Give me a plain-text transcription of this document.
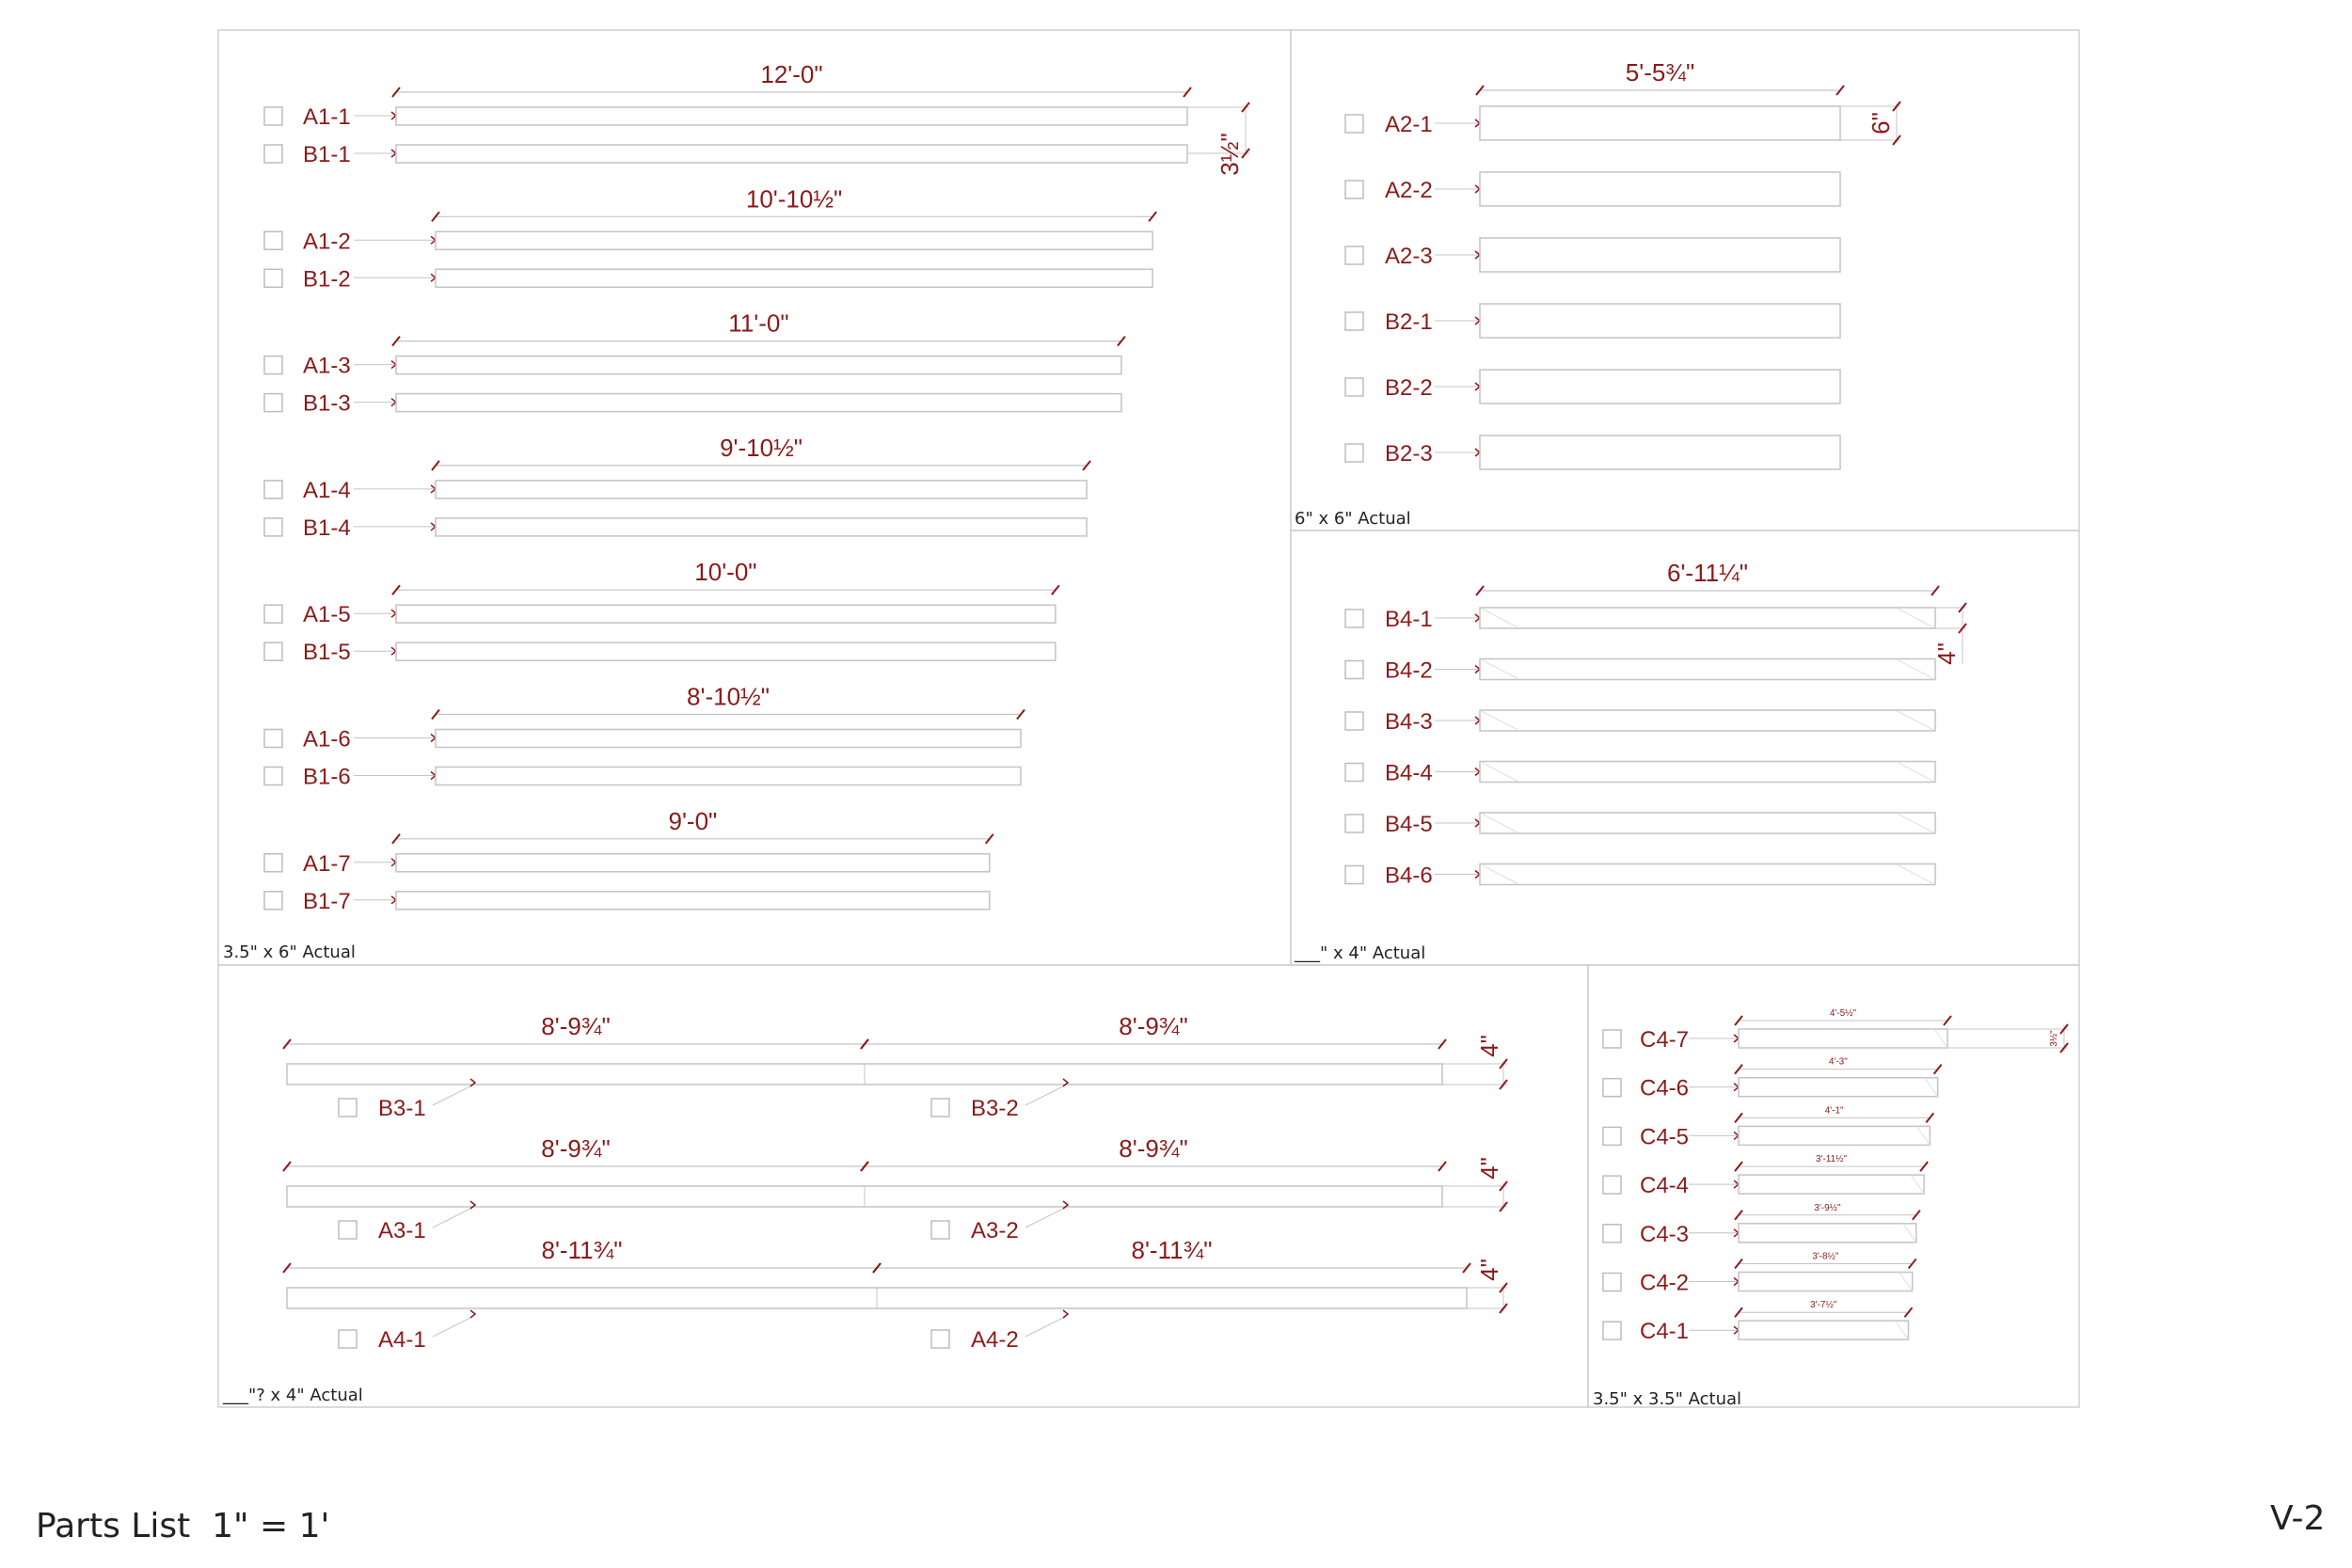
12'-0"
A1-1
B1-1
10'-10½"
A1-2
B1-2
11'-0"
A1-3
B1-3
9'-10½"
A1-4
B1-4
10'-0"
A1-5
B1-5
8'-10½"
A1-6
B1-6
9'-0"
A1-7
B1-7
3½"
5'-5¾"
A2-1
A2-2
A2-3
B2-1
B2-2
B2-3
6"
6'-11¼"
B4-1
B4-2
B4-3
B4-4
B4-5
B4-6
4"
8'-9¾"	8'-9¾"
4"
B3-1	B3-2
8'-9¾"	8'-9¾"
4"
A3-1	A3-2
8'-11¾"	8'-11¾"
4"
A4-1	A4-2
C4-7
4'-5½"
C4-6
4'-3"
C4-5
4'-1"
C4-4
3'-11½"
C4-3
3'-9½"
C4-2
3'-8½"
C4-1
3'-7½"
3½"
3.5" x 6" Actual
6" x 6" Actual
___" x 4" Actual
___"? x 4" Actual	3.5" x 3.5" Actual
Parts List  1" = 1'	V-2
